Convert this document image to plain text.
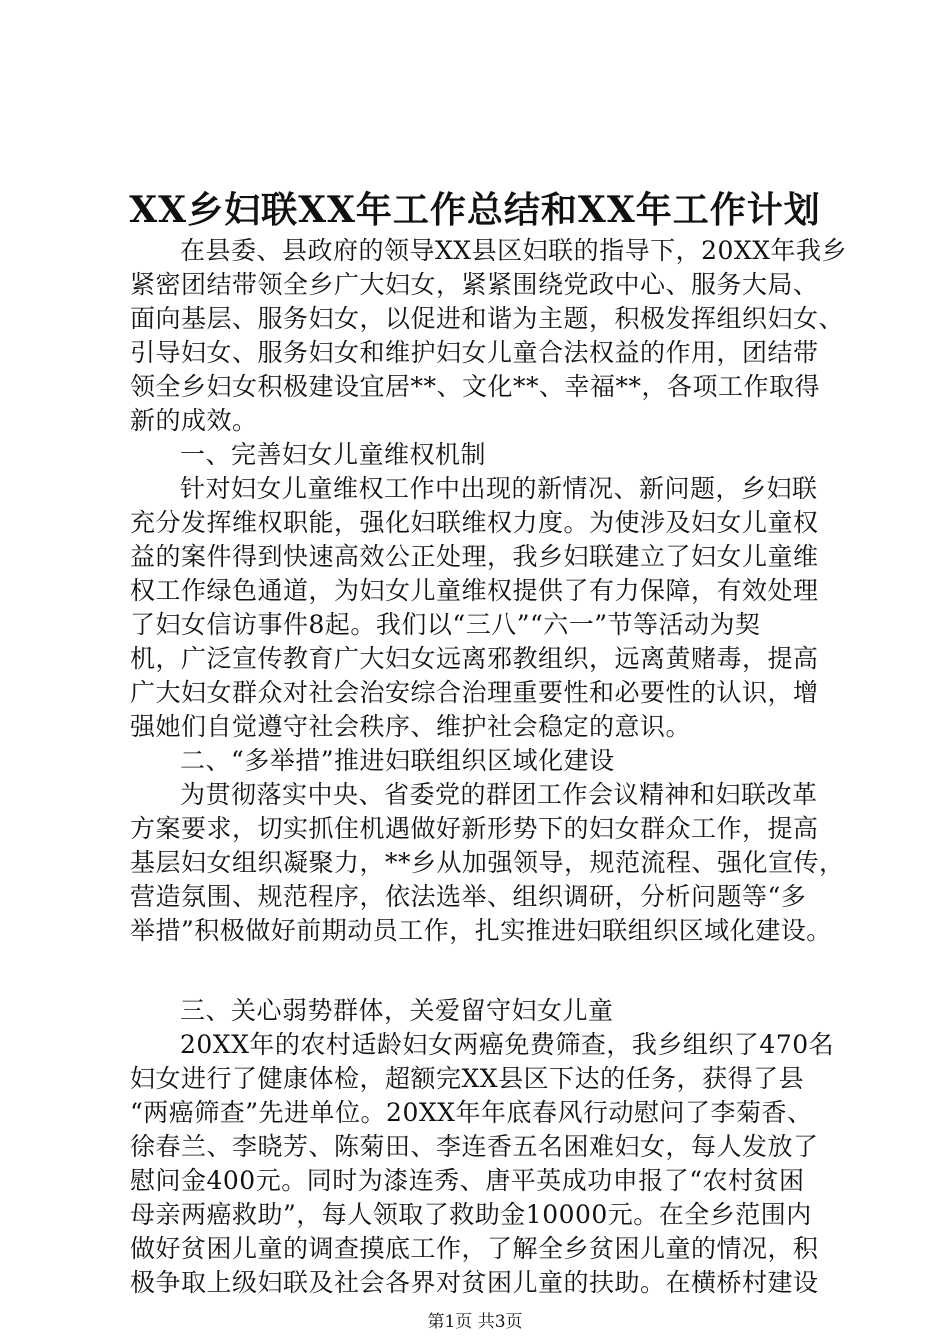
XX乡妇联XX年工作总结和XX年工作计划
在县委、县政府的领导XX县区妇联的指导下，20XX年我乡
紧密团结带领全乡广大妇女，紧紧围绕党政中心、服务大局、
面向基层、服务妇女，以促进和谐为主题，积极发挥组织妇女、
引导妇女、服务妇女和维护妇女儿童合法权益的作用，团结带
领全乡妇女积极建设宜居**、文化**、幸福**，各项工作取得
新的成效。
一、完善妇女儿童维权机制
针对妇女儿童维权工作中出现的新情况、新问题，乡妇联
充分发挥维权职能，强化妇联维权力度。为使涉及妇女儿童权
益的案件得到快速高效公正处理，我乡妇联建立了妇女儿童维
权工作绿色通道，为妇女儿童维权提供了有力保障，有效处理
了妇女信访事件8起。我们以“三八”“六一”节等活动为契
机，广泛宣传教育广大妇女远离邪教组织，远离黄赌毒，提高
广大妇女群众对社会治安综合治理重要性和必要性的认识，增
强她们自觉遵守社会秩序、维护社会稳定的意识。
二、“多举措”推进妇联组织区域化建设
为贯彻落实中央、省委党的群团工作会议精神和妇联改革
方案要求，切实抓住机遇做好新形势下的妇女群众工作，提高
基层妇女组织凝聚力，**乡从加强领导，规范流程、强化宣传，
营造氛围、规范程序，依法选举、组织调研，分析问题等“多
举措”积极做好前期动员工作，扎实推进妇联组织区域化建设。
三、关心弱势群体，关爱留守妇女儿童
20XX年的农村适龄妇女两癌免费筛查，我乡组织了470名
妇女进行了健康体检，超额完XX县区下达的任务，获得了县
“两癌筛查”先进单位。20XX年年底春风行动慰问了李菊香、
徐春兰、李晓芳、陈菊田、李连香五名困难妇女，每人发放了
慰问金400元。同时为漆连秀、唐平英成功申报了“农村贫困
母亲两癌救助”，每人领取了救助金10000元。在全乡范围内
做好贫困儿童的调查摸底工作，了解全乡贫困儿童的情况，积
极争取上级妇联及社会各界对贫困儿童的扶助。在横桥村建设
第1页 共3页
